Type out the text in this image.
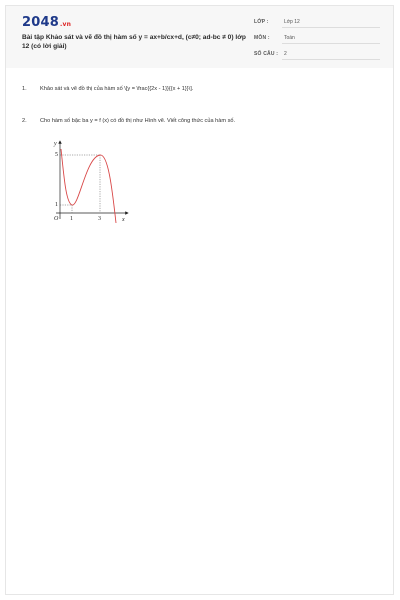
2048.vn
Bài tập Khảo sát và vẽ đồ thị hàm số y = ax+b/cx+d, (c≠0; ad-bc ≠ 0) lớp 12 (có lời giải)
LỚP :	Lớp 12
MÔN :	Toán
SỐ CÂU : 2
1. Khảo sát và vẽ đồ thị của hàm số \[y = \frac{{2x - 1}}{{x + 1}}\].
2. Cho hàm số bậc ba y = f (x) có đồ thị như Hình vẽ. Viết công thức của hàm số.
y
x
O 1	3
1
5
